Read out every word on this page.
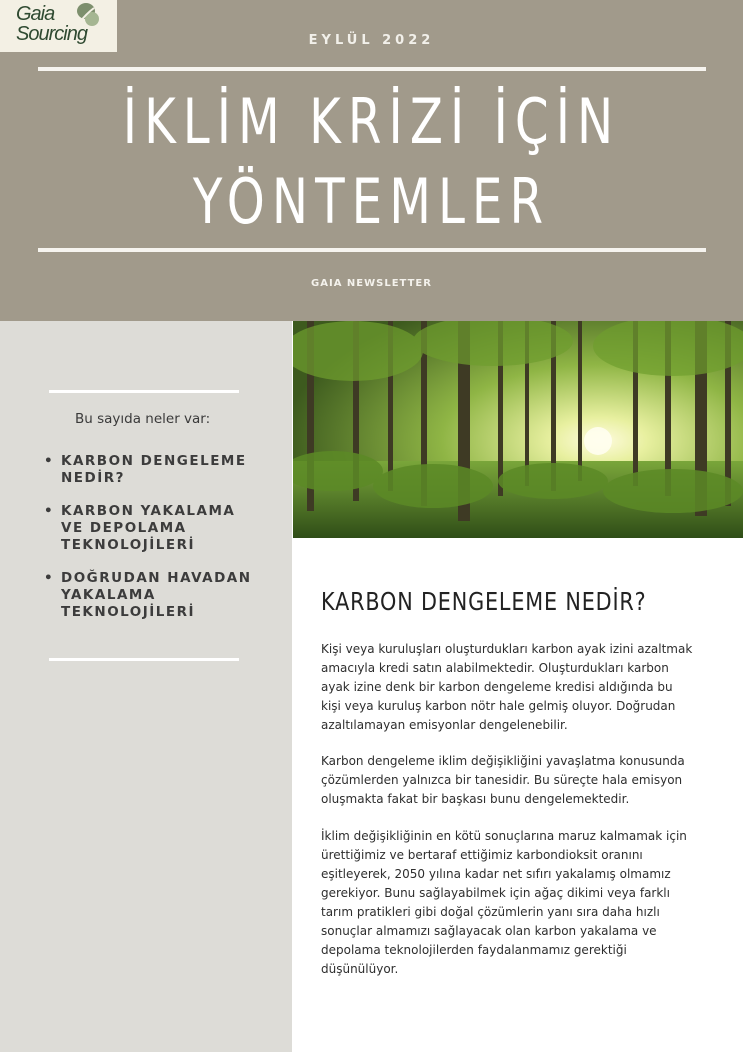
Gaia
Sourcing	EYLÜL 2022
İKLİM KRİZİ İÇİN
YÖNTEMLER
GAIA NEWSLETTER
Bu sayıda neler var:
• KARBON DENGELEME NEDİR?
• KARBON YAKALAMA VE DEPOLAMA TEKNOLOJİLERİ
• DOĞRUDAN HAVADAN YAKALAMA TEKNOLOJİLERİ	KARBON DENGELEME NEDİR?

Kişi veya kuruluşları oluşturdukları karbon ayak izini azaltmak
amacıyla kredi satın alabilmektedir. Oluşturdukları karbon
ayak izine denk bir karbon dengeleme kredisi aldığında bu
kişi veya kuruluş karbon nötr hale gelmiş oluyor. Doğrudan
azaltılamayan emisyonlar dengelenebilir.

Karbon dengeleme iklim değişikliğini yavaşlatma konusunda
çözümlerden yalnızca bir tanesidir. Bu süreçte hala emisyon
oluşmakta fakat bir başkası bunu dengelemektedir.

İklim değişikliğinin en kötü sonuçlarına maruz kalmamak için
ürettiğimiz ve bertaraf ettiğimiz karbondioksit oranını
eşitleyerek, 2050 yılına kadar net sıfırı yakalamış olmamız
gerekiyor. Bunu sağlayabilmek için ağaç dikimi veya farklı
tarım pratikleri gibi doğal çözümlerin yanı sıra daha hızlı
sonuçlar almamızı sağlayacak olan karbon yakalama ve
depolama teknolojilerden faydalanmamız gerektiği
düşünülüyor.
